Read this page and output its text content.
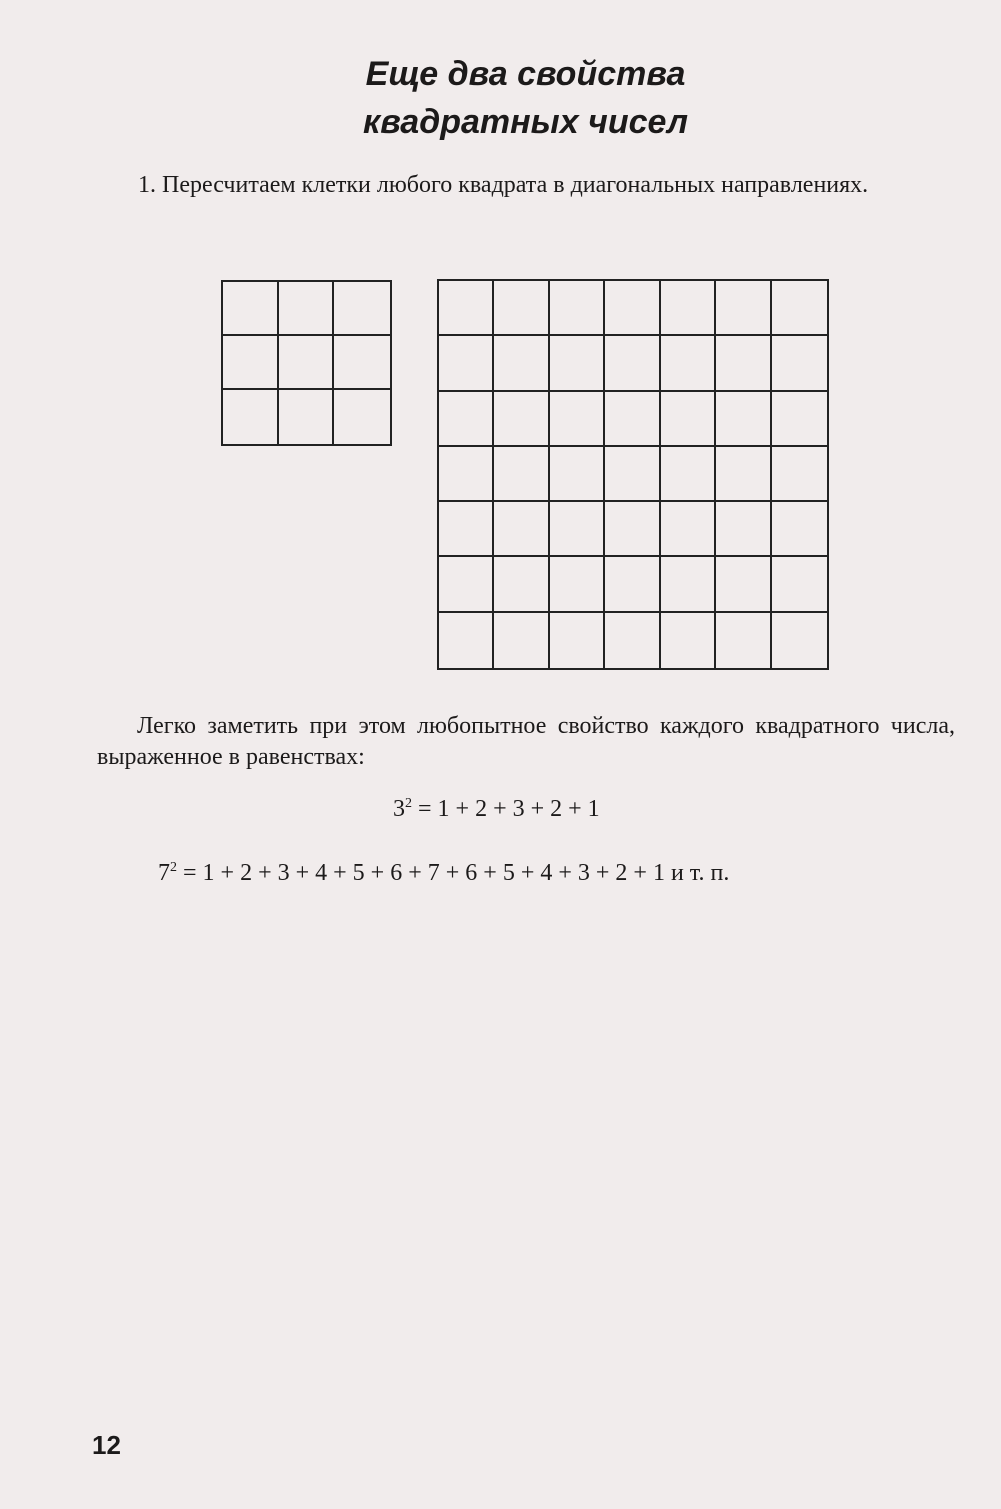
Еще два свойства
квадратных чисел
1. Пересчитаем клетки любого квадрата в диагональных направлениях.
Легко заметить при этом любопытное свойство каждого квадратного числа, выраженное в равенствах:
$3^2 = 1 + 2 + 3 + 2 + 1$
$7^2 = 1 + 2 + 3 + 4 + 5 + 6 + 7 + 6 + 5 + 4 + 3 + 2 + 1$ и т. п.
12
